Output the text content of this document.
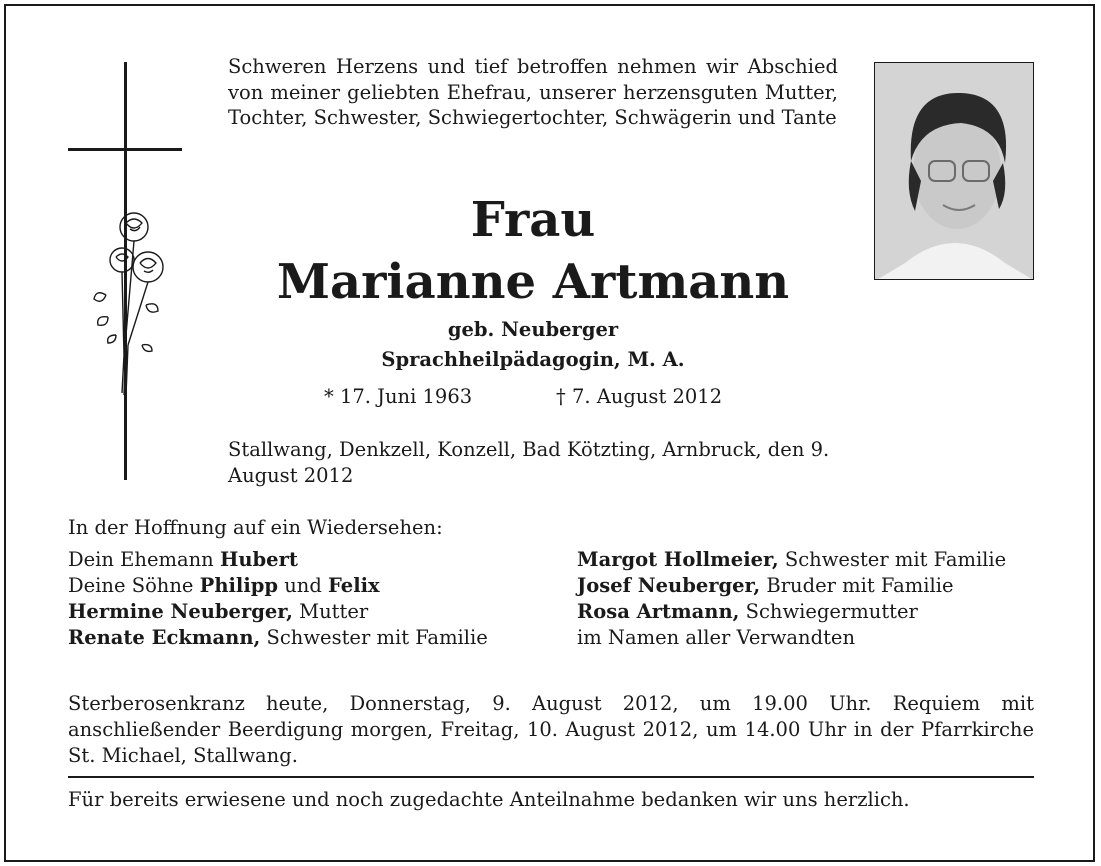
Schweren Herzens und tief betroffen nehmen wir Abschied von meiner geliebten Ehefrau, unserer herzensguten Mutter, Tochter, Schwester, Schwiegertochter, Schwägerin und Tante

Frau
Marianne Artmann
geb. Neuberger
Sprachheilpädagogin, M. A.
* 17. Juni 1963	† 7. August 2012

Stallwang, Denkzell, Konzell, Bad Kötzting, Arnbruck, den 9. August 2012

In der Hoffnung auf ein Wiedersehen:
Dein Ehemann Hubert
Deine Söhne Philipp und Felix
Hermine Neuberger, Mutter
Renate Eckmann, Schwester mit Familie
Margot Hollmeier, Schwester mit Familie
Josef Neuberger, Bruder mit Familie
Rosa Artmann, Schwiegermutter
im Namen aller Verwandten

Sterberosenkranz heute, Donnerstag, 9. August 2012, um 19.00 Uhr. Requiem mit anschließender Beerdigung morgen, Freitag, 10. August 2012, um 14.00 Uhr in der Pfarrkirche St. Michael, Stallwang.

Für bereits erwiesene und noch zugedachte Anteilnahme bedanken wir uns herzlich.
